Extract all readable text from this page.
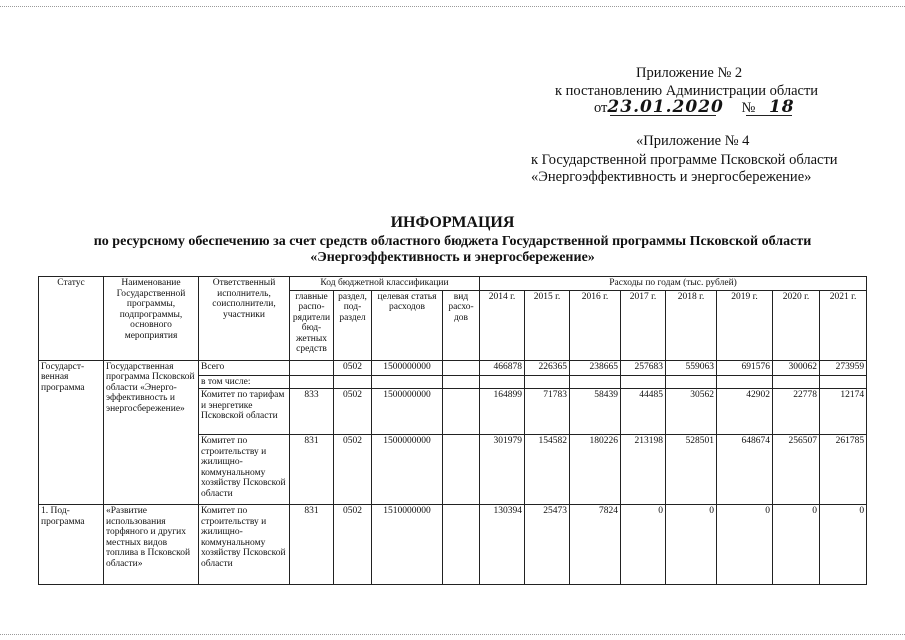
Приложение № 2
к постановлению Администрации области
от23.01.2020 № 18
«Приложение № 4
к Государственной программе Псковской области
«Энергоэффективность и энергосбережение»
ИНФОРМАЦИЯ
по ресурсному обеспечению за счет средств областного бюджета Государственной программы Псковской области
«Энергоэффективность и энергосбережение»
Статус	Наименование Государственной программы, подпрограммы, основного мероприятия	Ответственный исполнитель, соисполнители, участники	Код бюджетной классификации				Расходы по годам (тыс. рублей)							
			главные распо- рядители бюд- жетных средств	раздел, под- раздел	целевая статья расходов	вид расхо- дов	2014 г.	2015 г.	2016 г.	2017 г.	2018 г.	2019 г.	2020 г.	2021 г.
Государст- венная программа	Государственная программа Псковской области «Энерго- эффективность и энергосбережение»	Всего		0502	1500000000		466878	226365	238665	257683	559063	691576	300062	273959
		в том числе:												
		Комитет по тарифам и энергетике Псковской области	833	0502	1500000000		164899	71783	58439	44485	30562	42902	22778	12174
		Комитет по строительству и жилищно- коммунальному хозяйству Псковской области	831	0502	1500000000		301979	154582	180226	213198	528501	648674	256507	261785
1. Под- программа	«Развитие использования торфяного и других местных видов топлива в Псковской области»	Комитет по строительству и жилищно- коммунальному хозяйству Псковской области	831	0502	1510000000		130394	25473	7824	0	0	0	0	0
